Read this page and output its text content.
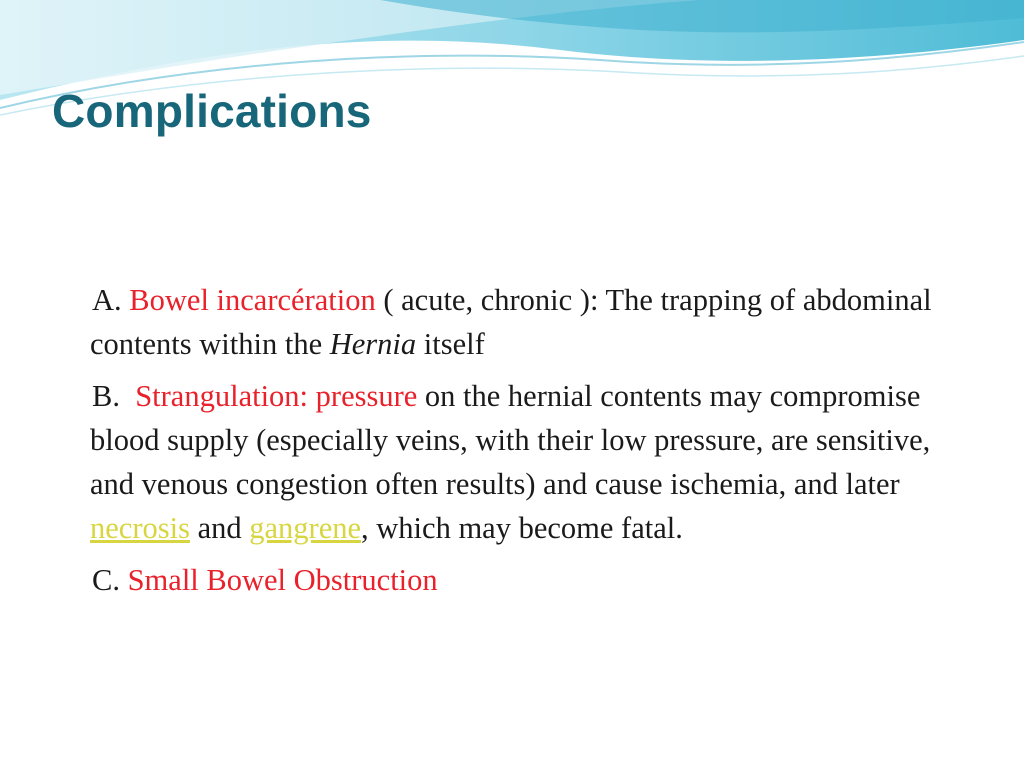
Complications

A. Bowel incarcération ( acute, chronic ): The trapping of abdominal contents within the Hernia itself

B. Strangulation: pressure on the hernial contents may compromise blood supply (especially veins, with their low pressure, are sensitive, and venous congestion often results) and cause ischemia, and later necrosis and gangrene, which may become fatal.

C. Small Bowel Obstruction
